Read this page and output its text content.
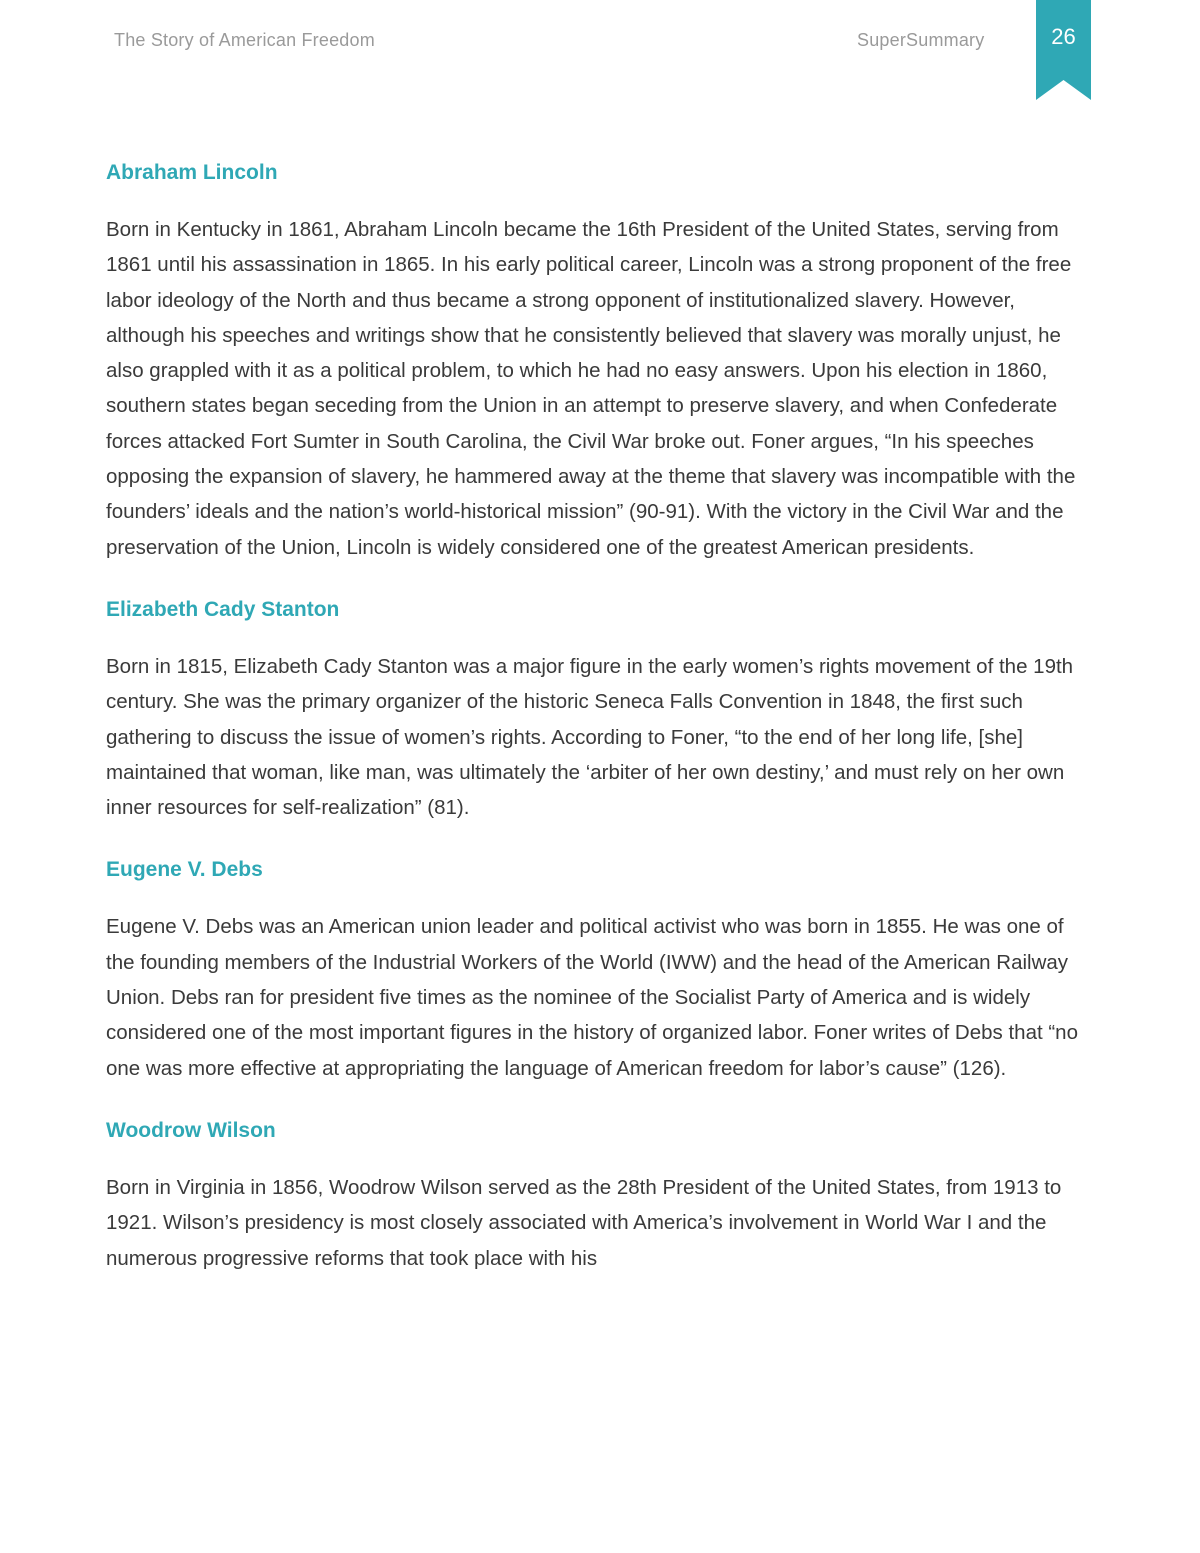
The Story of American Freedom	SuperSummary	26
Abraham Lincoln
Born in Kentucky in 1861, Abraham Lincoln became the 16th President of the United States, serving from 1861 until his assassination in 1865. In his early political career, Lincoln was a strong proponent of the free labor ideology of the North and thus became a strong opponent of institutionalized slavery. However, although his speeches and writings show that he consistently believed that slavery was morally unjust, he also grappled with it as a political problem, to which he had no easy answers. Upon his election in 1860, southern states began seceding from the Union in an attempt to preserve slavery, and when Confederate forces attacked Fort Sumter in South Carolina, the Civil War broke out. Foner argues, “In his speeches opposing the expansion of slavery, he hammered away at the theme that slavery was incompatible with the founders’ ideals and the nation’s world-historical mission” (90-91). With the victory in the Civil War and the preservation of the Union, Lincoln is widely considered one of the greatest American presidents.
Elizabeth Cady Stanton
Born in 1815, Elizabeth Cady Stanton was a major figure in the early women’s rights movement of the 19th century. She was the primary organizer of the historic Seneca Falls Convention in 1848, the first such gathering to discuss the issue of women’s rights. According to Foner, “to the end of her long life, [she] maintained that woman, like man, was ultimately the ‘arbiter of her own destiny,’ and must rely on her own inner resources for self-realization” (81).
Eugene V. Debs
Eugene V. Debs was an American union leader and political activist who was born in 1855. He was one of the founding members of the Industrial Workers of the World (IWW) and the head of the American Railway Union. Debs ran for president five times as the nominee of the Socialist Party of America and is widely considered one of the most important figures in the history of organized labor. Foner writes of Debs that “no one was more effective at appropriating the language of American freedom for labor’s cause” (126).
Woodrow Wilson
Born in Virginia in 1856, Woodrow Wilson served as the 28th President of the United States, from 1913 to 1921. Wilson’s presidency is most closely associated with America’s involvement in World War I and the numerous progressive reforms that took place with his
